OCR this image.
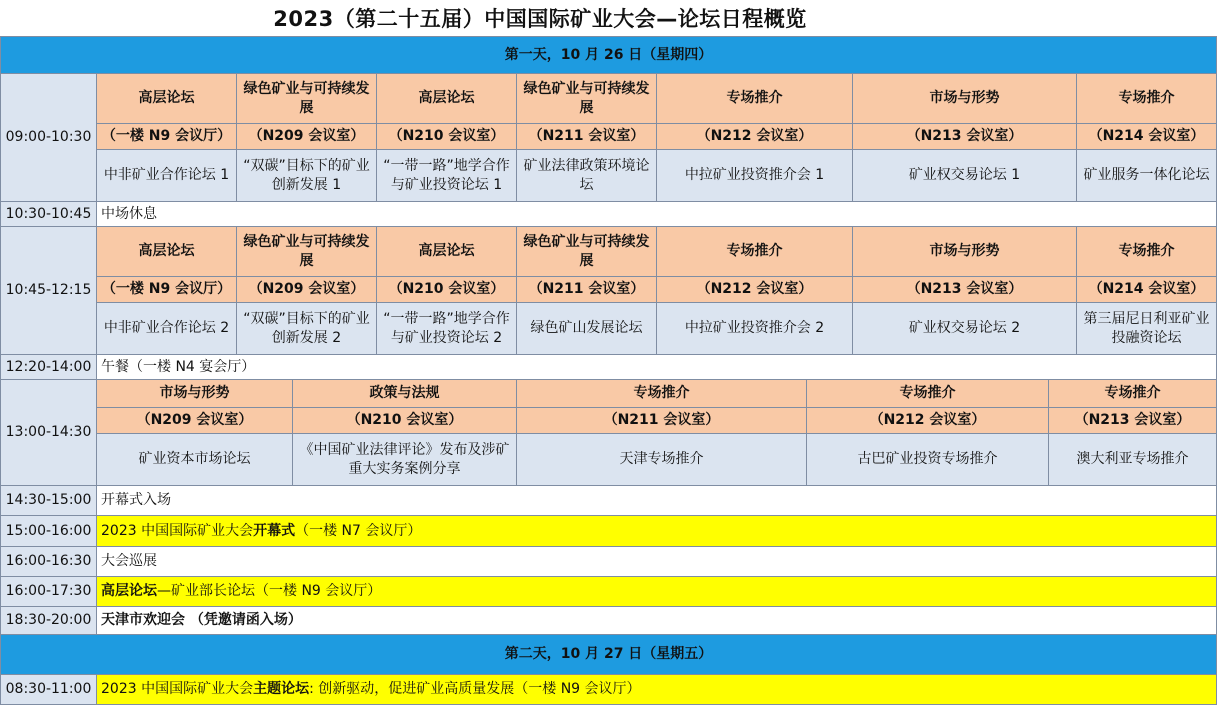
2023（第二十五届）中国国际矿业大会—论坛日程概览
第一天，10 月 26 日（星期四）										
09:00-10:30	高层论坛	绿色矿业与可持续发展		高层论坛	绿色矿业与可持续发展	专场推介		市场与形势		专场推介
	（一楼 N9 会议厅）	（N209 会议室）		（N210 会议室）	（N211 会议室）	（N212 会议室）		（N213 会议室）		（N214 会议室）
	中非矿业合作论坛 1	“双碳”目标下的矿业创新发展 1		“一带一路”地学合作与矿业投资论坛 1	矿业法律政策环境论坛	中拉矿业投资推介会 1		矿业权交易论坛 1		矿业服务一体化论坛
10:30-10:45	中场休息									
10:45-12:15	高层论坛	绿色矿业与可持续发展		高层论坛	绿色矿业与可持续发展	专场推介		市场与形势		专场推介
	（一楼 N9 会议厅）	（N209 会议室）		（N210 会议室）	（N211 会议室）	（N212 会议室）		（N213 会议室）		（N214 会议室）
	中非矿业合作论坛 2	“双碳”目标下的矿业创新发展 2		“一带一路”地学合作与矿业投资论坛 2	绿色矿山发展论坛	中拉矿业投资推介会 2		矿业权交易论坛 2		第三届尼日利亚矿业投融资论坛
12:20-14:00	午餐（一楼 N4 宴会厅）									
13:00-14:30	市场与形势		政策与法规		专场推介		专场推介		专场推介	
	（N209 会议室）		（N210 会议室）		（N211 会议室）		（N212 会议室）		（N213 会议室）	
	矿业资本市场论坛		《中国矿业法律评论》发布及涉矿重大实务案例分享		天津专场推介		古巴矿业投资专场推介		澳大利亚专场推介	
14:30-15:00	开幕式入场									
15:00-16:00	2023 中国国际矿业大会开幕式（一楼 N7 会议厅）									
16:00-16:30	大会巡展									
16:00-17:30	高层论坛—矿业部长论坛（一楼 N9 会议厅）									
18:30-20:00	天津市欢迎会 （凭邀请函入场）									
第二天，10 月 27 日（星期五）										
08:30-11:00	2023 中国国际矿业大会主题论坛: 创新驱动，促进矿业高质量发展（一楼 N9 会议厅）									
